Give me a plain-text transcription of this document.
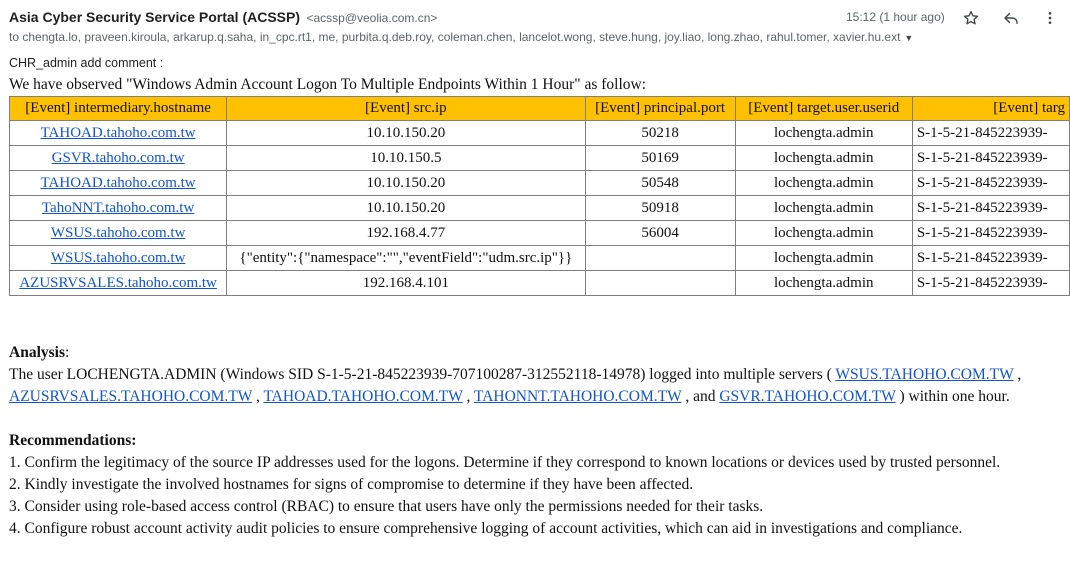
Asia Cyber Security Service Portal (ACSSP) <acssp@veolia.com.cn>
to chengta.lo, praveen.kiroula, arkarup.q.saha, in_cpc.rt1, me, purbita.q.deb.roy, coleman.chen, lancelot.wong, steve.hung, joy.liao, long.zhao, rahul.tomer, xavier.hu.ext ▼
15:12 (1 hour ago)
CHR_admin add comment :
We have observed "Windows Admin Account Logon To Multiple Endpoints Within 1 Hour" as follow:
[Event] intermediary.hostname	[Event] src.ip	[Event] principal.port	[Event] target.user.userid	[Event] targ
TAHOAD.tahoho.com.tw	10.10.150.20	50218	lochengta.admin	S-1-5-21-845223939-
GSVR.tahoho.com.tw	10.10.150.5	50169	lochengta.admin	S-1-5-21-845223939-
TAHOAD.tahoho.com.tw	10.10.150.20	50548	lochengta.admin	S-1-5-21-845223939-
TahoNNT.tahoho.com.tw	10.10.150.20	50918	lochengta.admin	S-1-5-21-845223939-
WSUS.tahoho.com.tw	192.168.4.77	56004	lochengta.admin	S-1-5-21-845223939-
WSUS.tahoho.com.tw	{"entity":{"namespace":"","eventField":"udm.src.ip"}}		lochengta.admin	S-1-5-21-845223939-
AZUSRVSALES.tahoho.com.tw	192.168.4.101		lochengta.admin	S-1-5-21-845223939-
Analysis:
The user LOCHENGTA.ADMIN (Windows SID S-1-5-21-845223939-707100287-312552118-14978) logged into multiple servers ( WSUS.TAHOHO.COM.TW , AZUSRVSALES.TAHOHO.COM.TW , TAHOAD.TAHOHO.COM.TW , TAHONNT.TAHOHO.COM.TW , and GSVR.TAHOHO.COM.TW ) within one hour.
Recommendations:
1. Confirm the legitimacy of the source IP addresses used for the logons. Determine if they correspond to known locations or devices used by trusted personnel.
2. Kindly investigate the involved hostnames for signs of compromise to determine if they have been affected.
3. Consider using role-based access control (RBAC) to ensure that users have only the permissions needed for their tasks.
4. Configure robust account activity audit policies to ensure comprehensive logging of account activities, which can aid in investigations and compliance.
